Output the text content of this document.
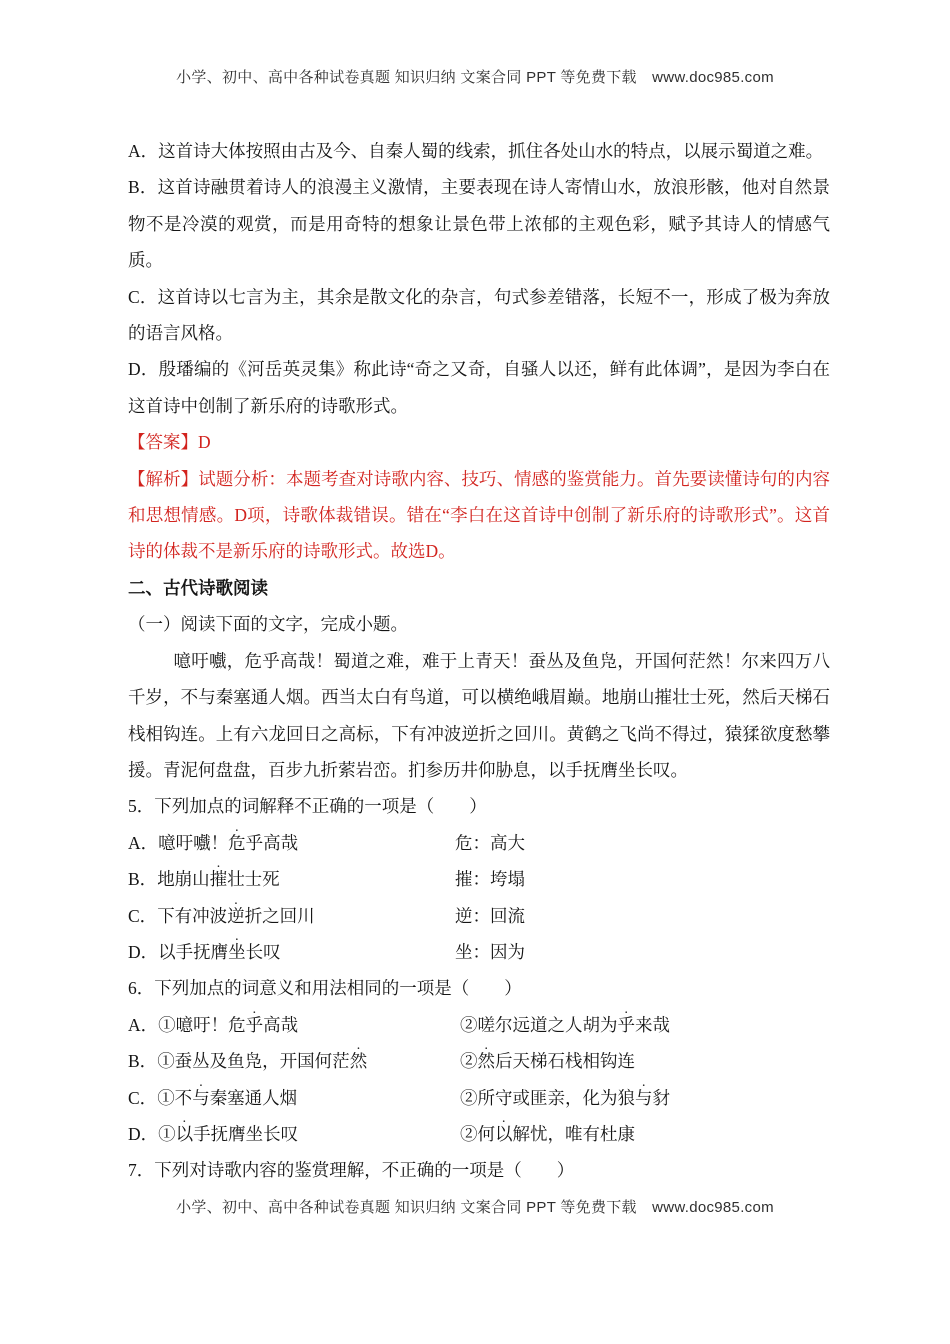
小学、初中、高中各种试卷真题 知识归纳 文案合同 PPT 等免费下载　www.doc985.com

A．这首诗大体按照由古及今、自秦人蜀的线索，抓住各处山水的特点，以展示蜀道之难。

B．这首诗融贯着诗人的浪漫主义激情，主要表现在诗人寄情山水，放浪形骸，他对自然景物不是冷漠的观赏，而是用奇特的想象让景色带上浓郁的主观色彩，赋予其诗人的情感气质。

C．这首诗以七言为主，其余是散文化的杂言，句式参差错落，长短不一，形成了极为奔放的语言风格。

D．殷璠编的《河岳英灵集》称此诗“奇之又奇，自骚人以还，鲜有此体调”，是因为李白在这首诗中创制了新乐府的诗歌形式。

【答案】D

【解析】试题分析：本题考查对诗歌内容、技巧、情感的鉴赏能力。首先要读懂诗句的内容和思想情感。D项，诗歌体裁错误。错在“李白在这首诗中创制了新乐府的诗歌形式”。这首诗的体裁不是新乐府的诗歌形式。故选D。

二、古代诗歌阅读

（一）阅读下面的文字，完成小题。

噫吁嚱，危乎高哉！蜀道之难，难于上青天！蚕丛及鱼凫，开国何茫然！尔来四万八千岁，不与秦塞通人烟。西当太白有鸟道，可以横绝峨眉巅。地崩山摧壮士死，然后天梯石栈相钩连。上有六龙回日之高标，下有冲波逆折之回川。黄鹤之飞尚不得过，猿猱欲度愁攀援。青泥何盘盘，百步九折萦岩峦。扪参历井仰胁息，以手抚膺坐长叹。

5．下列加点的词解释不正确的一项是（　　）

A．噫吁嚱！危乎高哉	危：高大
B．地崩山摧壮士死	摧：垮塌
C．下有冲波逆折之回川	逆：回流
D．以手抚膺坐长叹	坐：因为

6．下列加点的词意义和用法相同的一项是（　　）

A．①噫吁！危乎高哉	②嗟尔远道之人胡为乎来哉
B．①蚕丛及鱼凫，开国何茫然	②然后天梯石栈相钩连
C．①不与秦塞通人烟	②所守或匪亲，化为狼与豺
D．①以手抚膺坐长叹	②何以解忧，唯有杜康

7．下列对诗歌内容的鉴赏理解，不正确的一项是（　　）

小学、初中、高中各种试卷真题 知识归纳 文案合同 PPT 等免费下载　www.doc985.com
